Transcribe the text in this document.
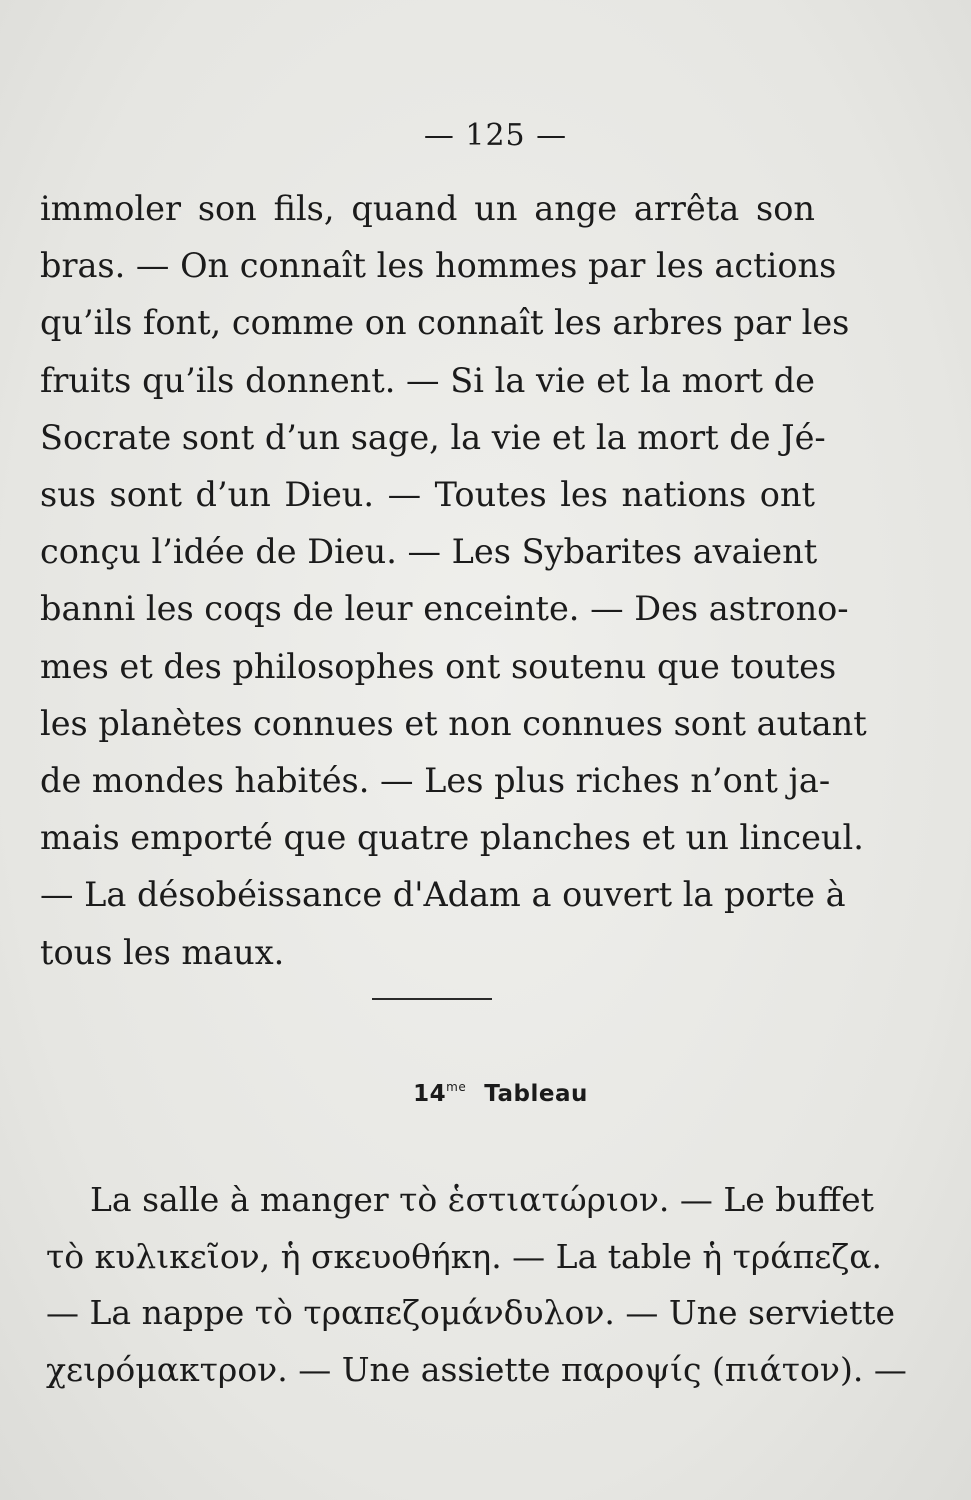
— 125 —
immoler son fils, quand un ange arrêta son
bras. — On connaît les hommes par les actions
qu’ils font, comme on connaît les arbres par les
fruits qu’ils donnent. — Si la vie et la mort de
Socrate sont d’un sage, la vie et la mort de Jé-
sus sont d’un Dieu. — Toutes les nations ont
conçu l’idée de Dieu. — Les Sybarites avaient
banni les coqs de leur enceinte. — Des astrono-
mes et des philosophes ont soutenu que toutes
les planètes connues et non connues sont autant
de mondes habités. — Les plus riches n’ont ja-
mais emporté que quatre planches et un linceul.
— La désobéissance d'Adam a ouvert la porte à
tous les maux.
$14^{me}$ Tableau
La salle à manger τὸ ἑστιατώριον. — Le buffet
τὸ κυλικεῖον, ἡ σκευοθήκη. — La table ἡ τράπεζα.
— La nappe τὸ τραπεζομάνδυλον. — Une serviette
χειρόμακτρον. — Une assiette παροψίς (πιάτον). —
